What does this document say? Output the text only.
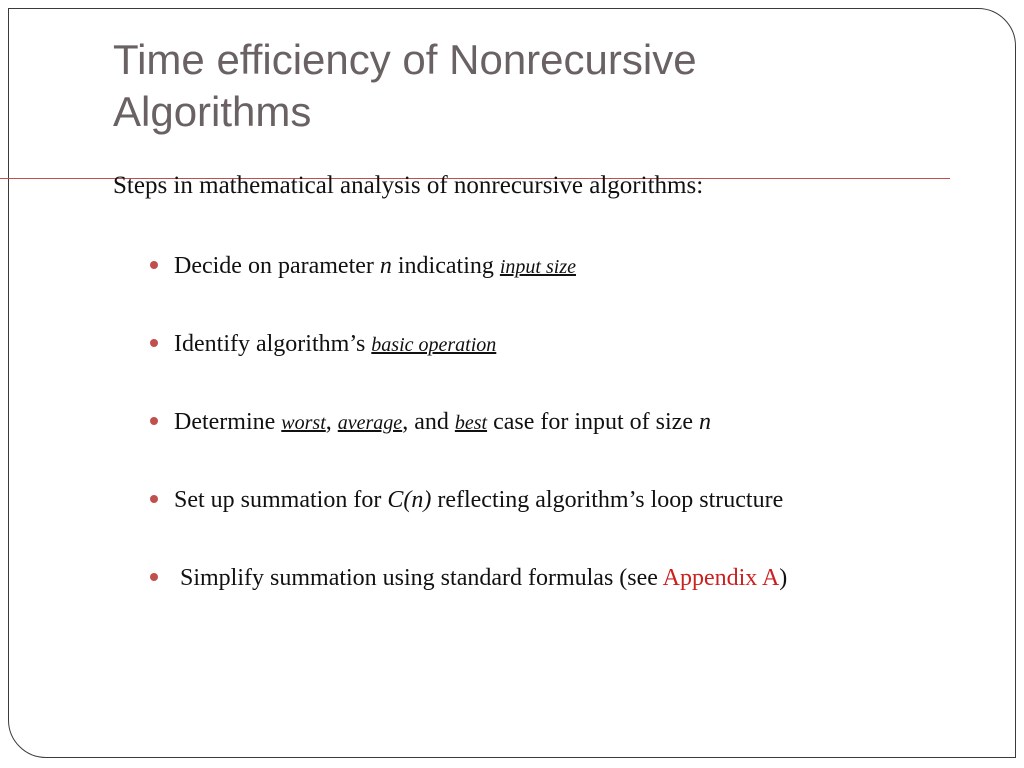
Time efficiency of Nonrecursive
Algorithms

Steps in mathematical analysis of nonrecursive algorithms:

Decide on parameter n indicating input size
Identify algorithm’s basic operation
Determine worst, average, and best case for input of size n
Set up summation for C(n) reflecting algorithm’s loop structure
Simplify summation using standard formulas (see Appendix A)
